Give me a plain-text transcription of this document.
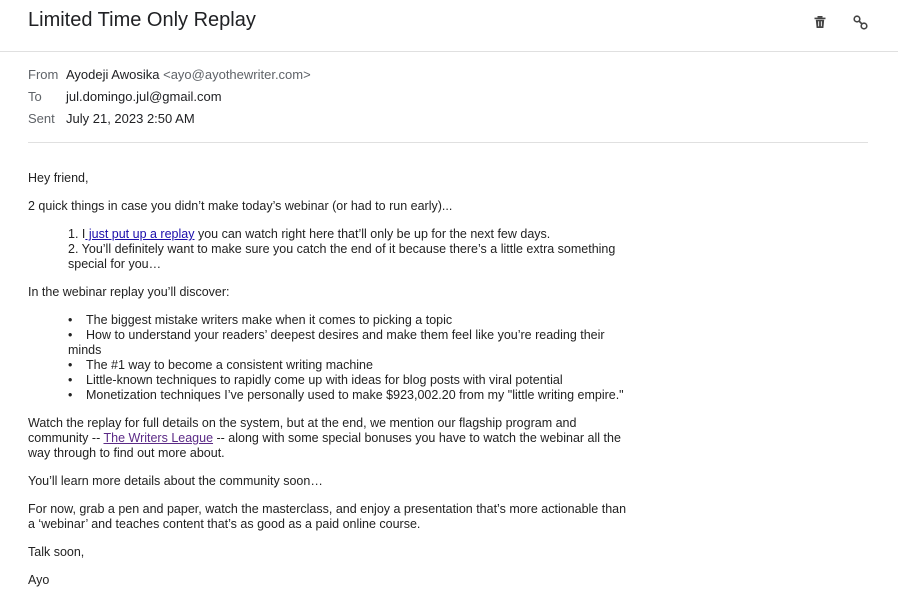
Limited Time Only Replay
From Ayodeji Awosika <ayo@ayothewriter.com>
To jul.domingo.jul@gmail.com
Sent July 21, 2023 2:50 AM

Hey friend,

2 quick things in case you didn’t make today’s webinar (or had to run early)...

1. I just put up a replay you can watch right here that’ll only be up for the next few days.
2. You’ll definitely want to make sure you catch the end of it because there’s a little extra something special for you…

In the webinar replay you’ll discover:

• The biggest mistake writers make when it comes to picking a topic
• How to understand your readers’ deepest desires and make them feel like you’re reading their minds
• The #1 way to become a consistent writing machine
• Little-known techniques to rapidly come up with ideas for blog posts with viral potential
• Monetization techniques I’ve personally used to make $923,002.20 from my "little writing empire."

Watch the replay for full details on the system, but at the end, we mention our flagship program and community -- The Writers League -- along with some special bonuses you have to watch the webinar all the way through to find out more about.

You’ll learn more details about the community soon…

For now, grab a pen and paper, watch the masterclass, and enjoy a presentation that’s more actionable than a ‘webinar’ and teaches content that’s as good as a paid online course.

Talk soon,

Ayo
